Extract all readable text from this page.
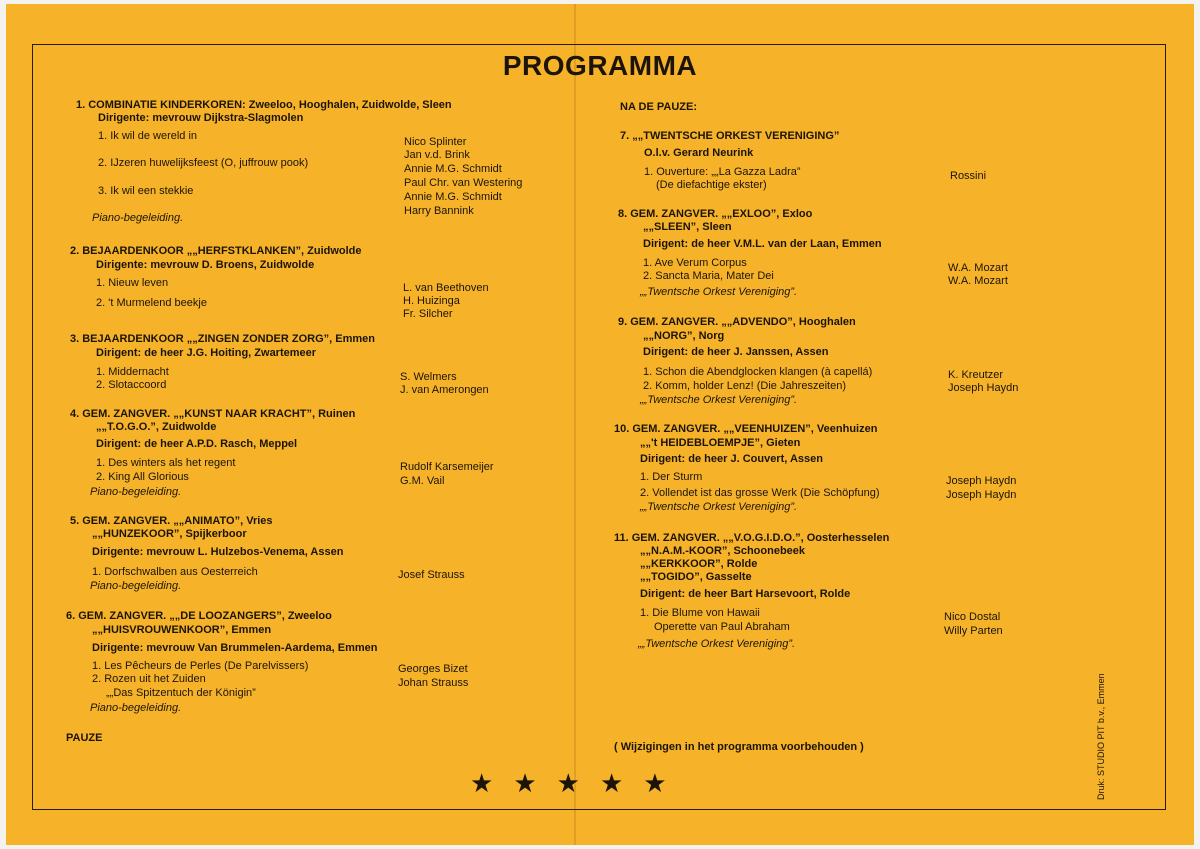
PROGRAMMA
1. COMBINATIE KINDERKOREN: Zweeloo, Hooghalen, Zuidwolde, Sleen
Dirigente: mevrouw Dijkstra-Slagmolen
1. Ik wil de wereld in
2. IJzeren huwelijksfeest (O, juffrouw pook)
3. Ik wil een stekkie
Nico Splinter
Jan v.d. Brink
Annie M.G. Schmidt
Paul Chr. van Westering
Annie M.G. Schmidt
Harry Bannink
Piano-begeleiding.
2. BEJAARDENKOOR „„HERFSTKLANKEN”, Zuidwolde
Dirigente: mevrouw D. Broens, Zuidwolde
1. Nieuw leven
2. 't Murmelend beekje
L. van Beethoven
H. Huizinga
Fr. Silcher
3. BEJAARDENKOOR „„ZINGEN ZONDER ZORG”, Emmen
Dirigent: de heer J.G. Hoiting, Zwartemeer
1. Middernacht
2. Slotaccoord
S. Welmers
J. van Amerongen
4. GEM. ZANGVER. „„KUNST NAAR KRACHT”, Ruinen
„„T.O.G.O.”, Zuidwolde
Dirigent: de heer A.P.D. Rasch, Meppel
1. Des winters als het regent
2. King All Glorious
Rudolf Karsemeijer
G.M. Vail
Piano-begeleiding.
5. GEM. ZANGVER. „„ANIMATO”, Vries
„„HUNZEKOOR”, Spijkerboor
Dirigente: mevrouw L. Hulzebos-Venema, Assen
1. Dorfschwalben aus Oesterreich	Josef Strauss
Piano-begeleiding.
6. GEM. ZANGVER. „„DE LOOZANGERS”, Zweeloo
„„HUISVROUWENKOOR”, Emmen
Dirigente: mevrouw Van Brummelen-Aardema, Emmen
1. Les Pêcheurs de Perles (De Parelvissers)
2. Rozen uit het Zuiden
„„Das Spitzentuch der Königin”
Georges Bizet
Johan Strauss
Piano-begeleiding.
PAUZE
NA DE PAUZE:
7. „„TWENTSCHE ORKEST VERENIGING”
O.l.v. Gerard Neurink
1. Ouverture: „„La Gazza Ladra”
(De diefachtige ekster)
Rossini
8. GEM. ZANGVER. „„EXLOO”, Exloo
„„SLEEN”, Sleen
Dirigent: de heer V.M.L. van der Laan, Emmen
1. Ave Verum Corpus
2. Sancta Maria, Mater Dei
W.A. Mozart
W.A. Mozart
„„Twentsche Orkest Vereniging”.
9. GEM. ZANGVER. „„ADVENDO”, Hooghalen
„„NORG”, Norg
Dirigent: de heer J. Janssen, Assen
1. Schon die Abendglocken klangen (à capellá)
2. Komm, holder Lenz! (Die Jahreszeiten)
K. Kreutzer
Joseph Haydn
„„Twentsche Orkest Vereniging”.
10. GEM. ZANGVER. „„VEENHUIZEN”, Veenhuizen
„„'t HEIDEBLOEMPJE”, Gieten
Dirigent: de heer J. Couvert, Assen
1. Der Sturm
2. Vollendet ist das grosse Werk (Die Schöpfung)
Joseph Haydn
Joseph Haydn
„„Twentsche Orkest Vereniging”.
11. GEM. ZANGVER. „„V.O.G.I.D.O.”, Oosterhesselen
„„N.A.M.-KOOR”, Schoonebeek
„„KERKKOOR”, Rolde
„„TOGIDO”, Gasselte
Dirigent: de heer Bart Harsevoort, Rolde
1. Die Blume von Hawaii
Operette van Paul Abraham
Nico Dostal
Willy Parten
„„Twentsche Orkest Vereniging”.
( Wijzigingen in het programma voorbehouden )
★ ★ ★ ★ ★	Druk: STUDIO PIT b.v., Emmen
